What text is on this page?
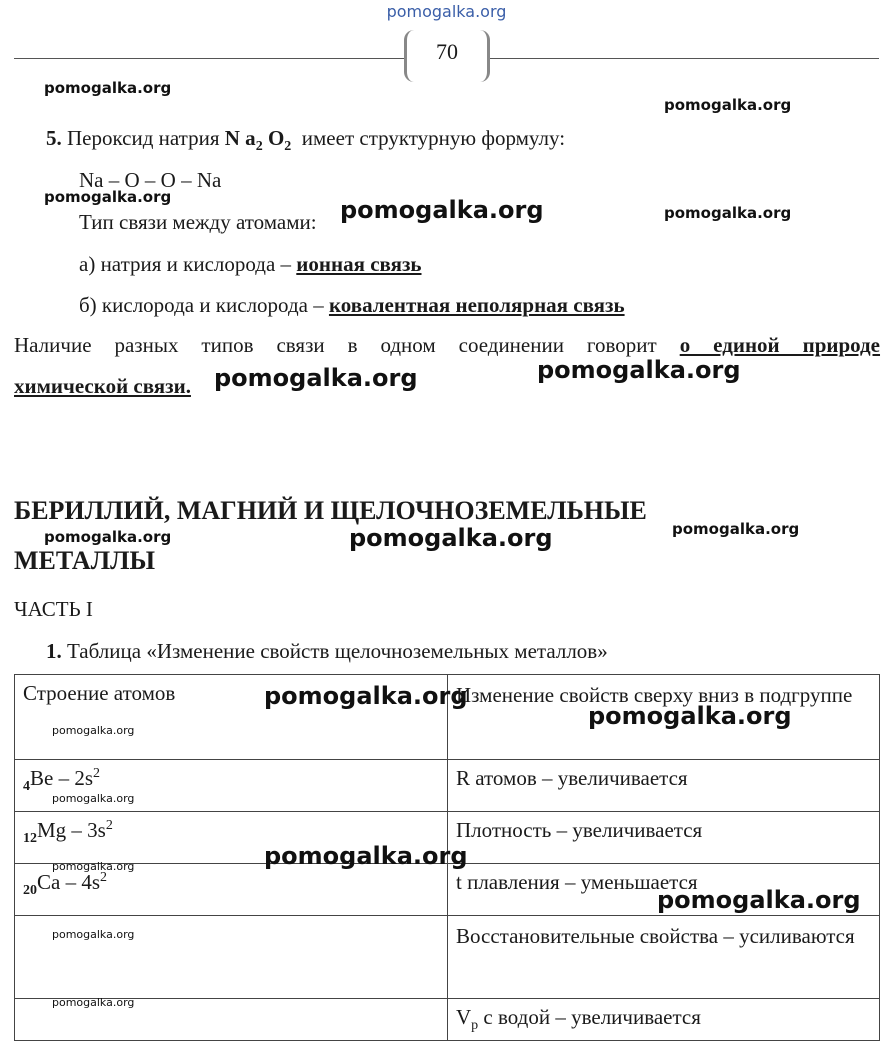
pomogalka.org
70
pomogalka.org
pomogalka.org
pomogalka.org
pomogalka.org
pomogalka.org
pomogalka.org
5. Пероксид натрия N $a_2$ $O_2$ имеет структурную формулу:
Na – O – O – Na
Тип связи между атомами: pomogalka.org
а) натрия и кислорода – ионная связь
б) кислорода и кислорода – ковалентная неполярная связь
Наличие разных типов связи в одном соединении говорит о единой природе
химической связи. pomogalka.org	pomogalka.org
БЕРИЛЛИЙ, МАГНИЙ И ЩЕЛОЧНОЗЕМЕЛЬНЫЕ
МЕТАЛЛЫ
pomogalka.org
ЧАСТЬ I
1. Таблица «Изменение свойств щелочноземельных металлов»
Строение атомов	Изменение свойств сверху вниз в подгруппе
$_4Be - 2s^2$	R атомов – увеличивается
$_{12}Mg - 3s^2$	Плотность – увеличивается
$_{20}Ca - 4s^2$	t плавления – уменьшается
	Восстановительные свойства – усиливаются
	$V_р$ с водой – увеличивается
pomogalka.org
pomogalka.org
pomogalka.org
pomogalka.org
pomogalka.org	pomogalka.org
pomogalka.org
pomogalka.org
pomogalka.org
